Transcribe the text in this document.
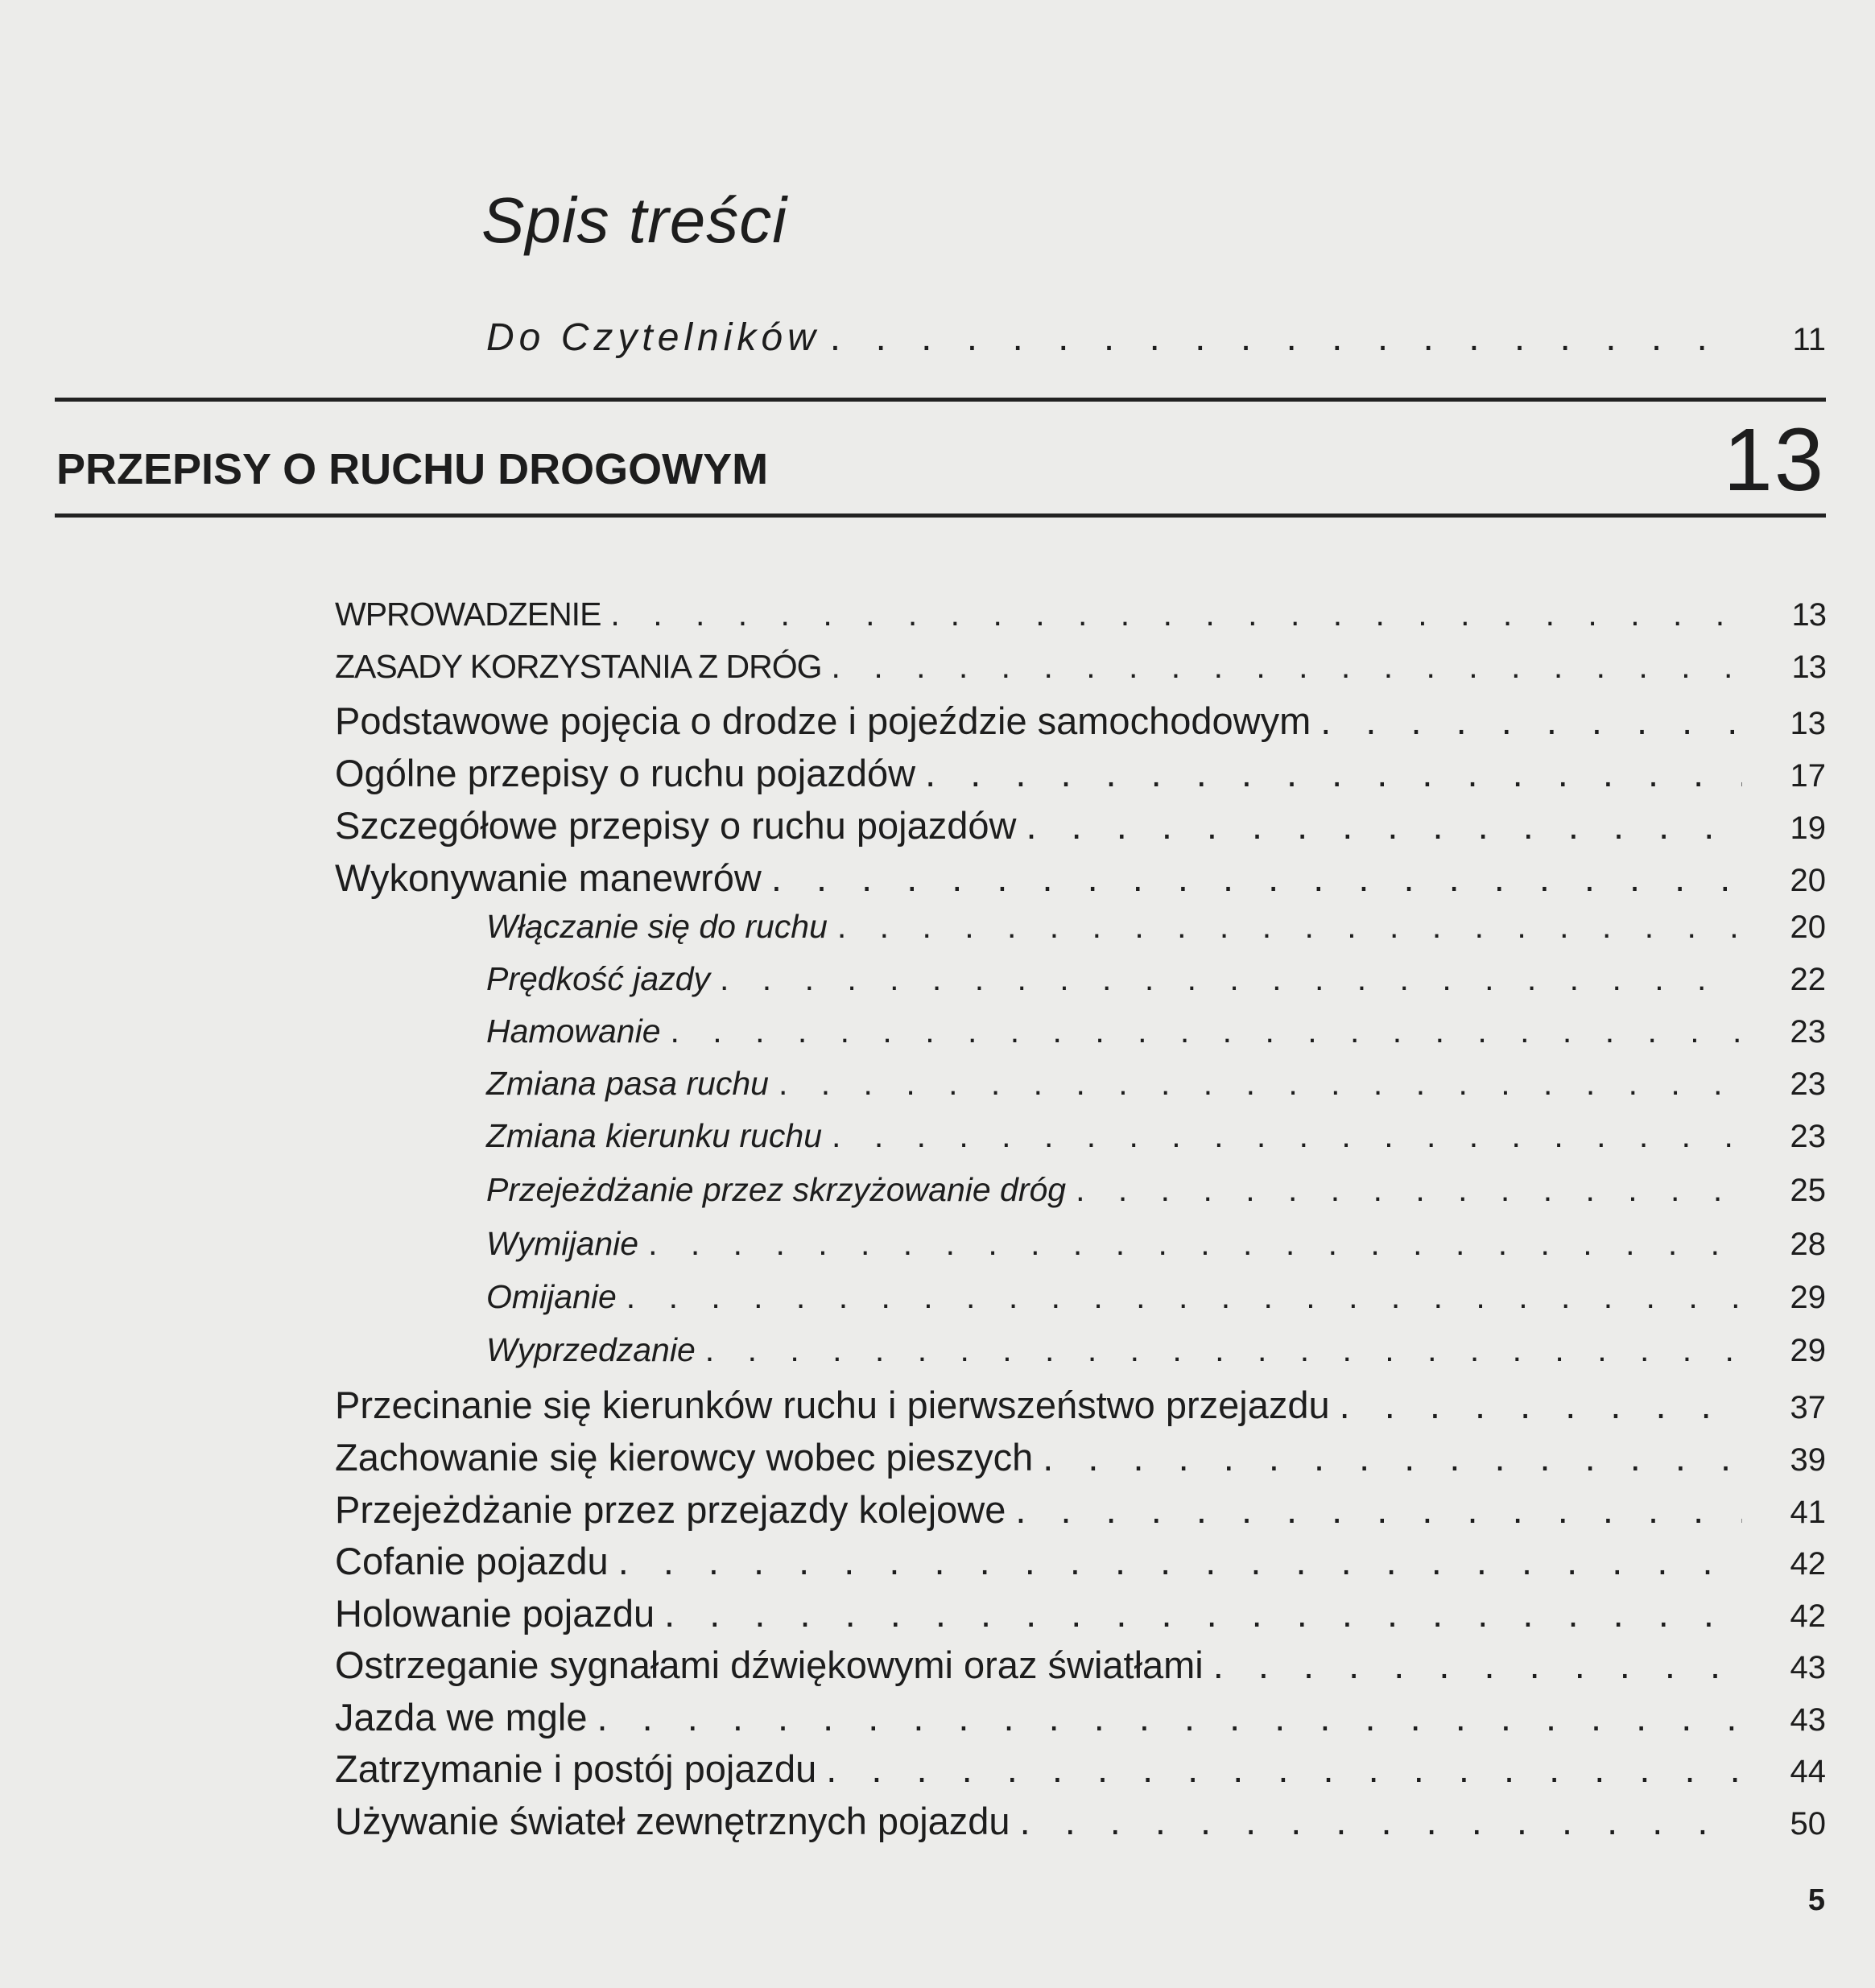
Spis treści
Do Czytelników . . .	11
PRZEPISY O RUCHU DROGOWYM	13
WPROWADZENIE . . .	13
ZASADY KORZYSTANIA Z DRÓG . . .	13
Podstawowe pojęcia o drodze i pojeździe samochodowym . . .	13
Ogólne przepisy o ruchu pojazdów . . .	17
Szczegółowe przepisy o ruchu pojazdów . . .	19
Wykonywanie manewrów . . .	20
Włączanie się do ruchu . . .	20
Prędkość jazdy . . .	22
Hamowanie . . .	23
Zmiana pasa ruchu . . .	23
Zmiana kierunku ruchu . . .	23
Przejeżdżanie przez skrzyżowanie dróg . . .	25
Wymijanie . . .	28
Omijanie . . .	29
Wyprzedzanie . . .	29
Przecinanie się kierunków ruchu i pierwszeństwo przejazdu . . .	37
Zachowanie się kierowcy wobec pieszych . . .	39
Przejeżdżanie przez przejazdy kolejowe . . .	41
Cofanie pojazdu . . .	42
Holowanie pojazdu . . .	42
Ostrzeganie sygnałami dźwiękowymi oraz światłami . . .	43
Jazda we mgle . . .	43
Zatrzymanie i postój pojazdu . . .	44
Używanie świateł zewnętrznych pojazdu . . .	50
5
